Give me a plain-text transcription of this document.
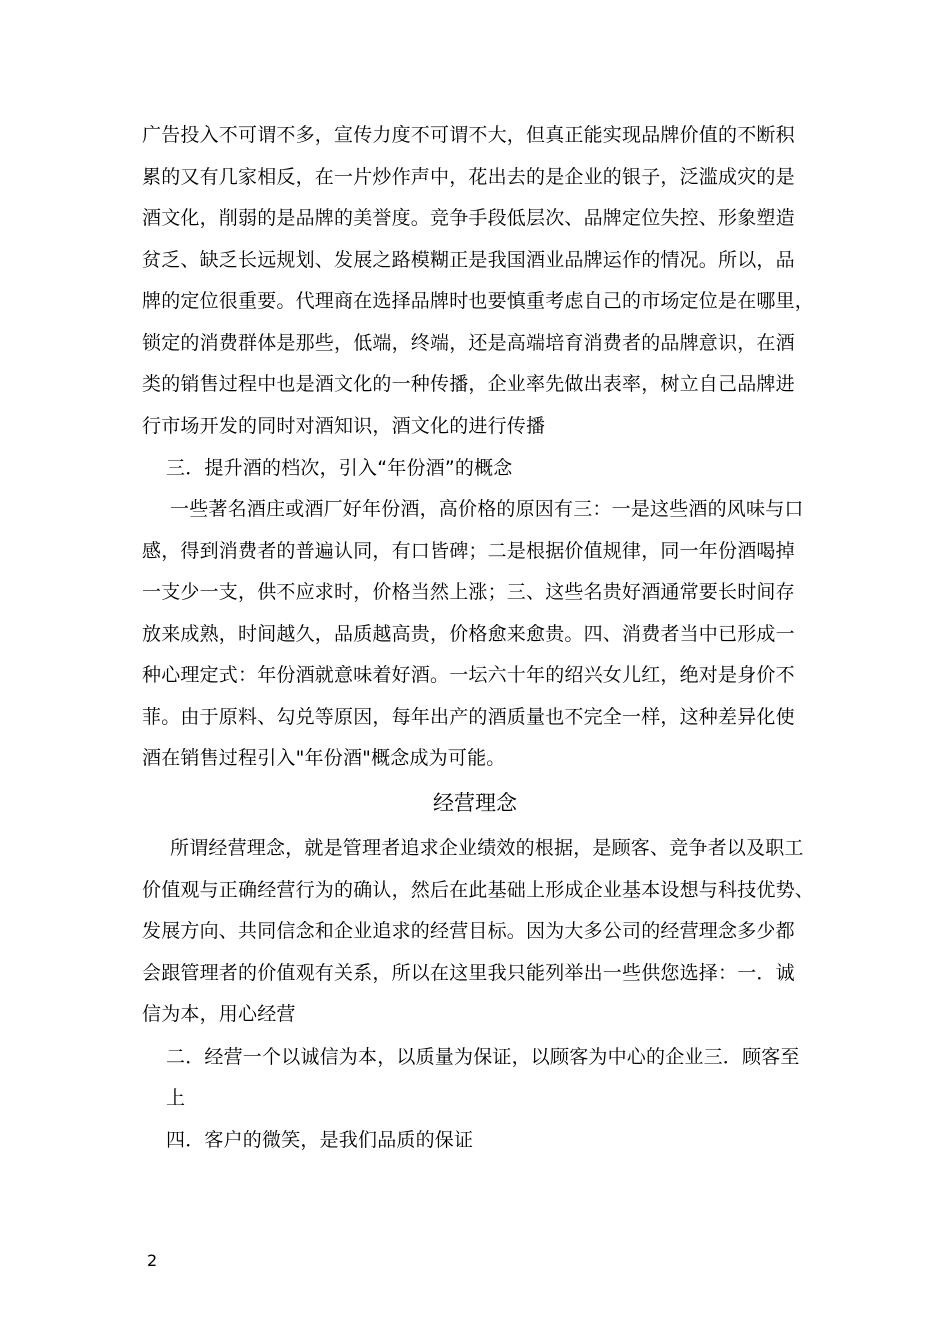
广告投入不可谓不多，宣传力度不可谓不大，但真正能实现品牌价值的不断积
累的又有几家相反，在一片炒作声中，花出去的是企业的银子，泛滥成灾的是
酒文化，削弱的是品牌的美誉度。竞争手段低层次、品牌定位失控、形象塑造
贫乏、缺乏长远规划、发展之路模糊正是我国酒业品牌运作的情况。所以，品
牌的定位很重要。代理商在选择品牌时也要慎重考虑自己的市场定位是在哪里，
锁定的消费群体是那些，低端，终端，还是高端培育消费者的品牌意识，在酒
类的销售过程中也是酒文化的一种传播，企业率先做出表率，树立自己品牌进
行市场开发的同时对酒知识，酒文化的进行传播
三．提升酒的档次，引入“年份酒”的概念
一些著名酒庄或酒厂好年份酒，高价格的原因有三：一是这些酒的风味与口
感，得到消费者的普遍认同，有口皆碑；二是根据价值规律，同一年份酒喝掉
一支少一支，供不应求时，价格当然上涨；三、这些名贵好酒通常要长时间存
放来成熟，时间越久，品质越高贵，价格愈来愈贵。四、消费者当中已形成一
种心理定式：年份酒就意味着好酒。一坛六十年的绍兴女儿红，绝对是身价不
菲。由于原料、勾兑等原因，每年出产的酒质量也不完全一样，这种差异化使
酒在销售过程引入"年份酒"概念成为可能。
经营理念
所谓经营理念，就是管理者追求企业绩效的根据，是顾客、竞争者以及职工
价值观与正确经营行为的确认，然后在此基础上形成企业基本设想与科技优势、
发展方向、共同信念和企业追求的经营目标。因为大多公司的经营理念多少都
会跟管理者的价值观有关系，所以在这里我只能列举出一些供您选择：一．诚
信为本，用心经营
二．经营一个以诚信为本，以质量为保证，以顾客为中心的企业三．顾客至
上
四．客户的微笑，是我们品质的保证
2
